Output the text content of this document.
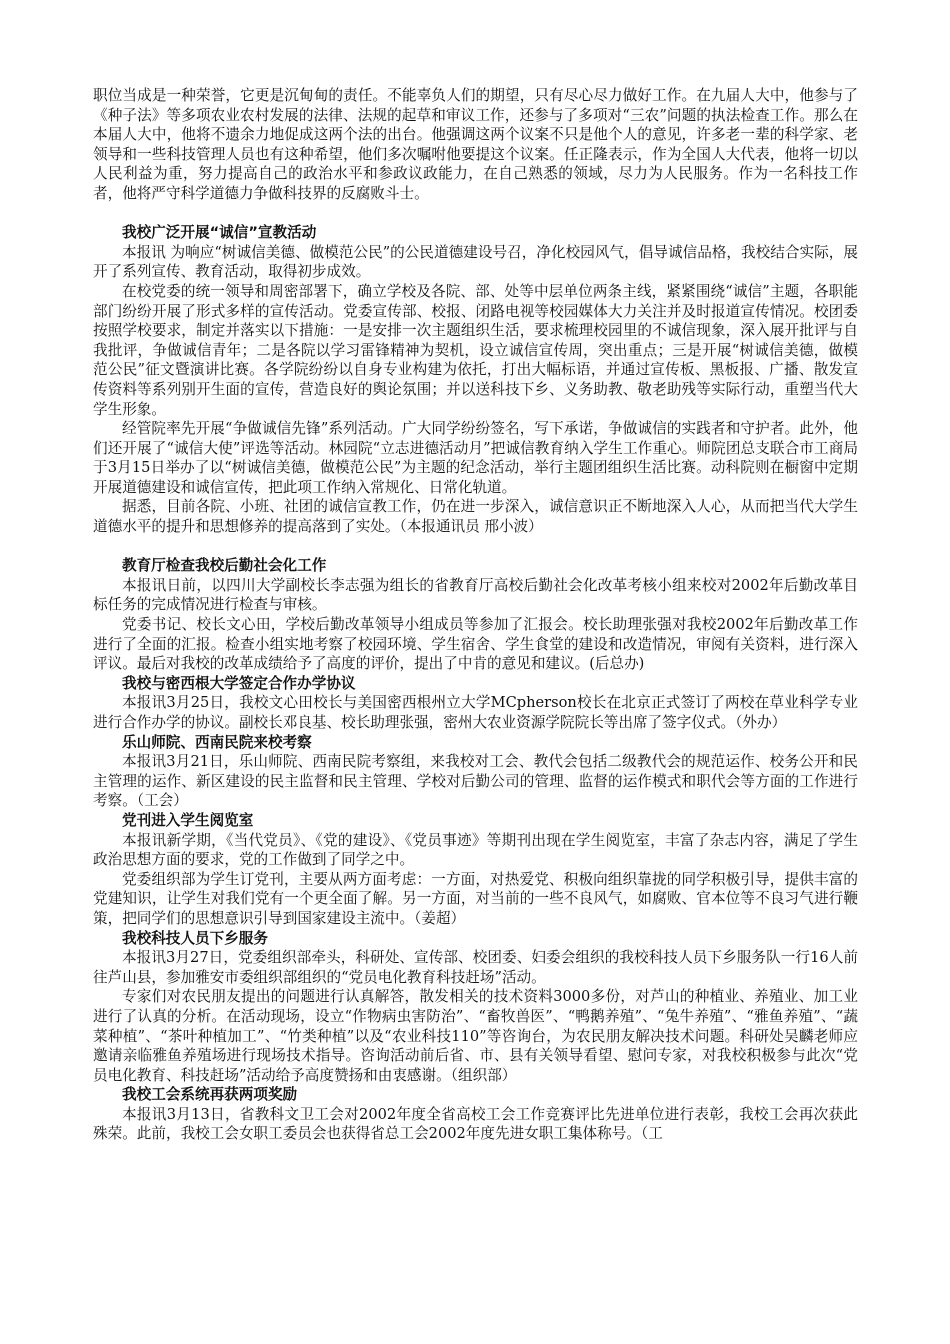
职位当成是一种荣誉，它更是沉甸甸的责任。不能辜负人们的期望，只有尽心尽力做好工作。在九届人大中，他参与了《种子法》等多项农业农村发展的法律、法规的起草和审议工作，还参与了多项对“三农”问题的执法检查工作。那么在本届人大中，他将不遗余力地促成这两个法的出台。他强调这两个议案不只是他个人的意见，许多老一辈的科学家、老领导和一些科技管理人员也有这种希望，他们多次嘱咐他要提这个议案。任正隆表示，作为全国人大代表，他将一切以人民利益为重，努力提高自己的政治水平和参政议政能力，在自己熟悉的领域，尽力为人民服务。作为一名科技工作者，他将严守科学道德力争做科技界的反腐败斗士。

我校广泛开展“诚信”宣教活动

本报讯 为响应“树诚信美德、做模范公民”的公民道德建设号召，净化校园风气，倡导诚信品格，我校结合实际，展开了系列宣传、教育活动，取得初步成效。

在校党委的统一领导和周密部署下，确立学校及各院、部、处等中层单位两条主线，紧紧围绕“诚信”主题，各职能部门纷纷开展了形式多样的宣传活动。党委宣传部、校报、闭路电视等校园媒体大力关注并及时报道宣传情况。校团委按照学校要求，制定并落实以下措施：一是安排一次主题组织生活，要求梳理校园里的不诚信现象，深入展开批评与自我批评，争做诚信青年；二是各院以学习雷锋精神为契机，设立诚信宣传周，突出重点；三是开展“树诚信美德，做模范公民”征文暨演讲比赛。各学院纷纷以自身专业构建为依托，打出大幅标语，并通过宣传板、黑板报、广播、散发宣传资料等系列别开生面的宣传，营造良好的舆论氛围；并以送科技下乡、义务助教、敬老助残等实际行动，重塑当代大学生形象。

经管院率先开展“争做诚信先锋”系列活动。广大同学纷纷签名，写下承诺，争做诚信的实践者和守护者。此外，他们还开展了“诚信大使”评选等活动。林园院“立志进德活动月”把诚信教育纳入学生工作重心。师院团总支联合市工商局于3月15日举办了以“树诚信美德，做模范公民”为主题的纪念活动，举行主题团组织生活比赛。动科院则在橱窗中定期开展道德建设和诚信宣传，把此项工作纳入常规化、日常化轨道。

据悉，目前各院、小班、社团的诚信宣教工作，仍在进一步深入，诚信意识正不断地深入人心，从而把当代大学生道德水平的提升和思想修养的提高落到了实处。（本报通讯员 邢小波）

教育厅检查我校后勤社会化工作

本报讯日前，以四川大学副校长李志强为组长的省教育厅高校后勤社会化改革考核小组来校对2002年后勤改革目标任务的完成情况进行检查与审核。

党委书记、校长文心田，学校后勤改革领导小组成员等参加了汇报会。校长助理张强对我校2002年后勤改革工作进行了全面的汇报。检查小组实地考察了校园环境、学生宿舍、学生食堂的建设和改造情况，审阅有关资料，进行深入评议。最后对我校的改革成绩给予了高度的评价，提出了中肯的意见和建议。(后总办)

我校与密西根大学签定合作办学协议

本报讯3月25日，我校文心田校长与美国密西根州立大学MCpherson校长在北京正式签订了两校在草业科学专业进行合作办学的协议。副校长邓良基、校长助理张强，密州大农业资源学院院长等出席了签字仪式。（外办）

乐山师院、西南民院来校考察

本报讯3月21日，乐山师院、西南民院考察组，来我校对工会、教代会包括二级教代会的规范运作、校务公开和民主管理的运作、新区建设的民主监督和民主管理、学校对后勤公司的管理、监督的运作模式和职代会等方面的工作进行考察。（工会）

党刊进入学生阅览室

本报讯新学期，《当代党员》、《党的建设》、《党员事迹》等期刊出现在学生阅览室，丰富了杂志内容，满足了学生政治思想方面的要求，党的工作做到了同学之中。

党委组织部为学生订党刊，主要从两方面考虑：一方面，对热爱党、积极向组织靠拢的同学积极引导，提供丰富的党建知识，让学生对我们党有一个更全面了解。另一方面，对当前的一些不良风气，如腐败、官本位等不良习气进行鞭策，把同学们的思想意识引导到国家建设主流中。（姜超）

我校科技人员下乡服务

本报讯3月27日，党委组织部牵头，科研处、宣传部、校团委、妇委会组织的我校科技人员下乡服务队一行16人前往芦山县，参加雅安市委组织部组织的“党员电化教育科技赶场”活动。

专家们对农民朋友提出的问题进行认真解答，散发相关的技术资料3000多份，对芦山的种植业、养殖业、加工业进行了认真的分析。在活动现场，设立“作物病虫害防治”、“畜牧兽医”、“鸭鹅养殖”、“兔牛养殖”、“雅鱼养殖”、“蔬菜种植”、“茶叶种植加工”、“竹类种植”以及“农业科技110”等咨询台，为农民朋友解决技术问题。科研处吴麟老师应邀请亲临雅鱼养殖场进行现场技术指导。咨询活动前后省、市、县有关领导看望、慰问专家，对我校积极参与此次“党员电化教育、科技赶场”活动给予高度赞扬和由衷感谢。（组织部）

我校工会系统再获两项奖励

本报讯3月13日，省教科文卫工会对2002年度全省高校工会工作竞赛评比先进单位进行表彰，我校工会再次获此殊荣。此前，我校工会女职工委员会也获得省总工会2002年度先进女职工集体称号。（工
